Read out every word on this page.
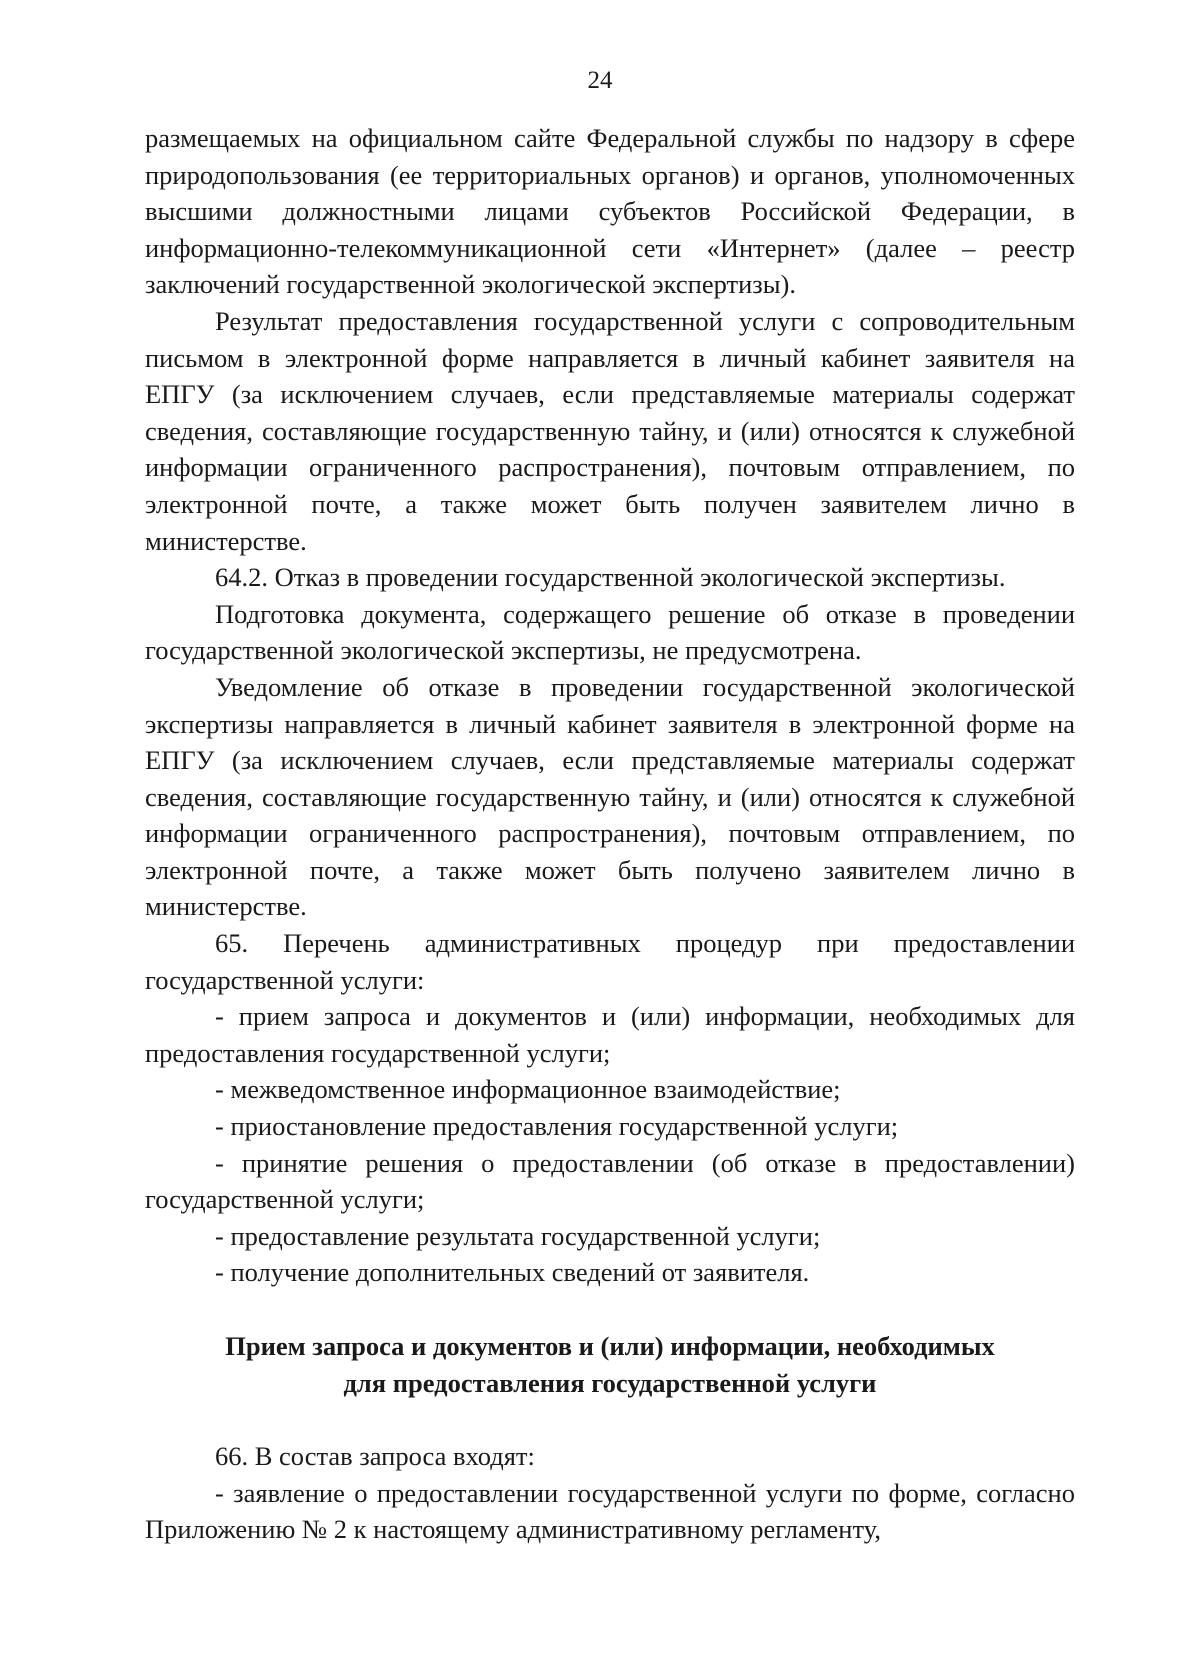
24

размещаемых на официальном сайте Федеральной службы по надзору в сфере природопользования (ее территориальных органов) и органов, уполномоченных высшими должностными лицами субъектов Российской Федерации, в информационно-телекоммуникационной сети «Интернет» (далее – реестр заключений государственной экологической экспертизы).

Результат предоставления государственной услуги с сопроводительным письмом в электронной форме направляется в личный кабинет заявителя на ЕПГУ (за исключением случаев, если представляемые материалы содержат сведения, составляющие государственную тайну, и (или) относятся к служебной информации ограниченного распространения), почтовым отправлением, по электронной почте, а также может быть получен заявителем лично в министерстве.

64.2. Отказ в проведении государственной экологической экспертизы.

Подготовка документа, содержащего решение об отказе в проведении государственной экологической экспертизы, не предусмотрена.

Уведомление об отказе в проведении государственной экологической экспертизы направляется в личный кабинет заявителя в электронной форме на ЕПГУ (за исключением случаев, если представляемые материалы содержат сведения, составляющие государственную тайну, и (или) относятся к служебной информации ограниченного распространения), почтовым отправлением, по электронной почте, а также может быть получено заявителем лично в министерстве.

65. Перечень административных процедур при предоставлении государственной услуги:

- прием запроса и документов и (или) информации, необходимых для предоставления государственной услуги;

- межведомственное информационное взаимодействие;

- приостановление предоставления государственной услуги;

- принятие решения о предоставлении (об отказе в предоставлении) государственной услуги;

- предоставление результата государственной услуги;

- получение дополнительных сведений от заявителя.

Прием запроса и документов и (или) информации, необходимых

для предоставления государственной услуги

66. В состав запроса входят:

- заявление о предоставлении государственной услуги по форме, согласно Приложению № 2 к настоящему административному регламенту,
